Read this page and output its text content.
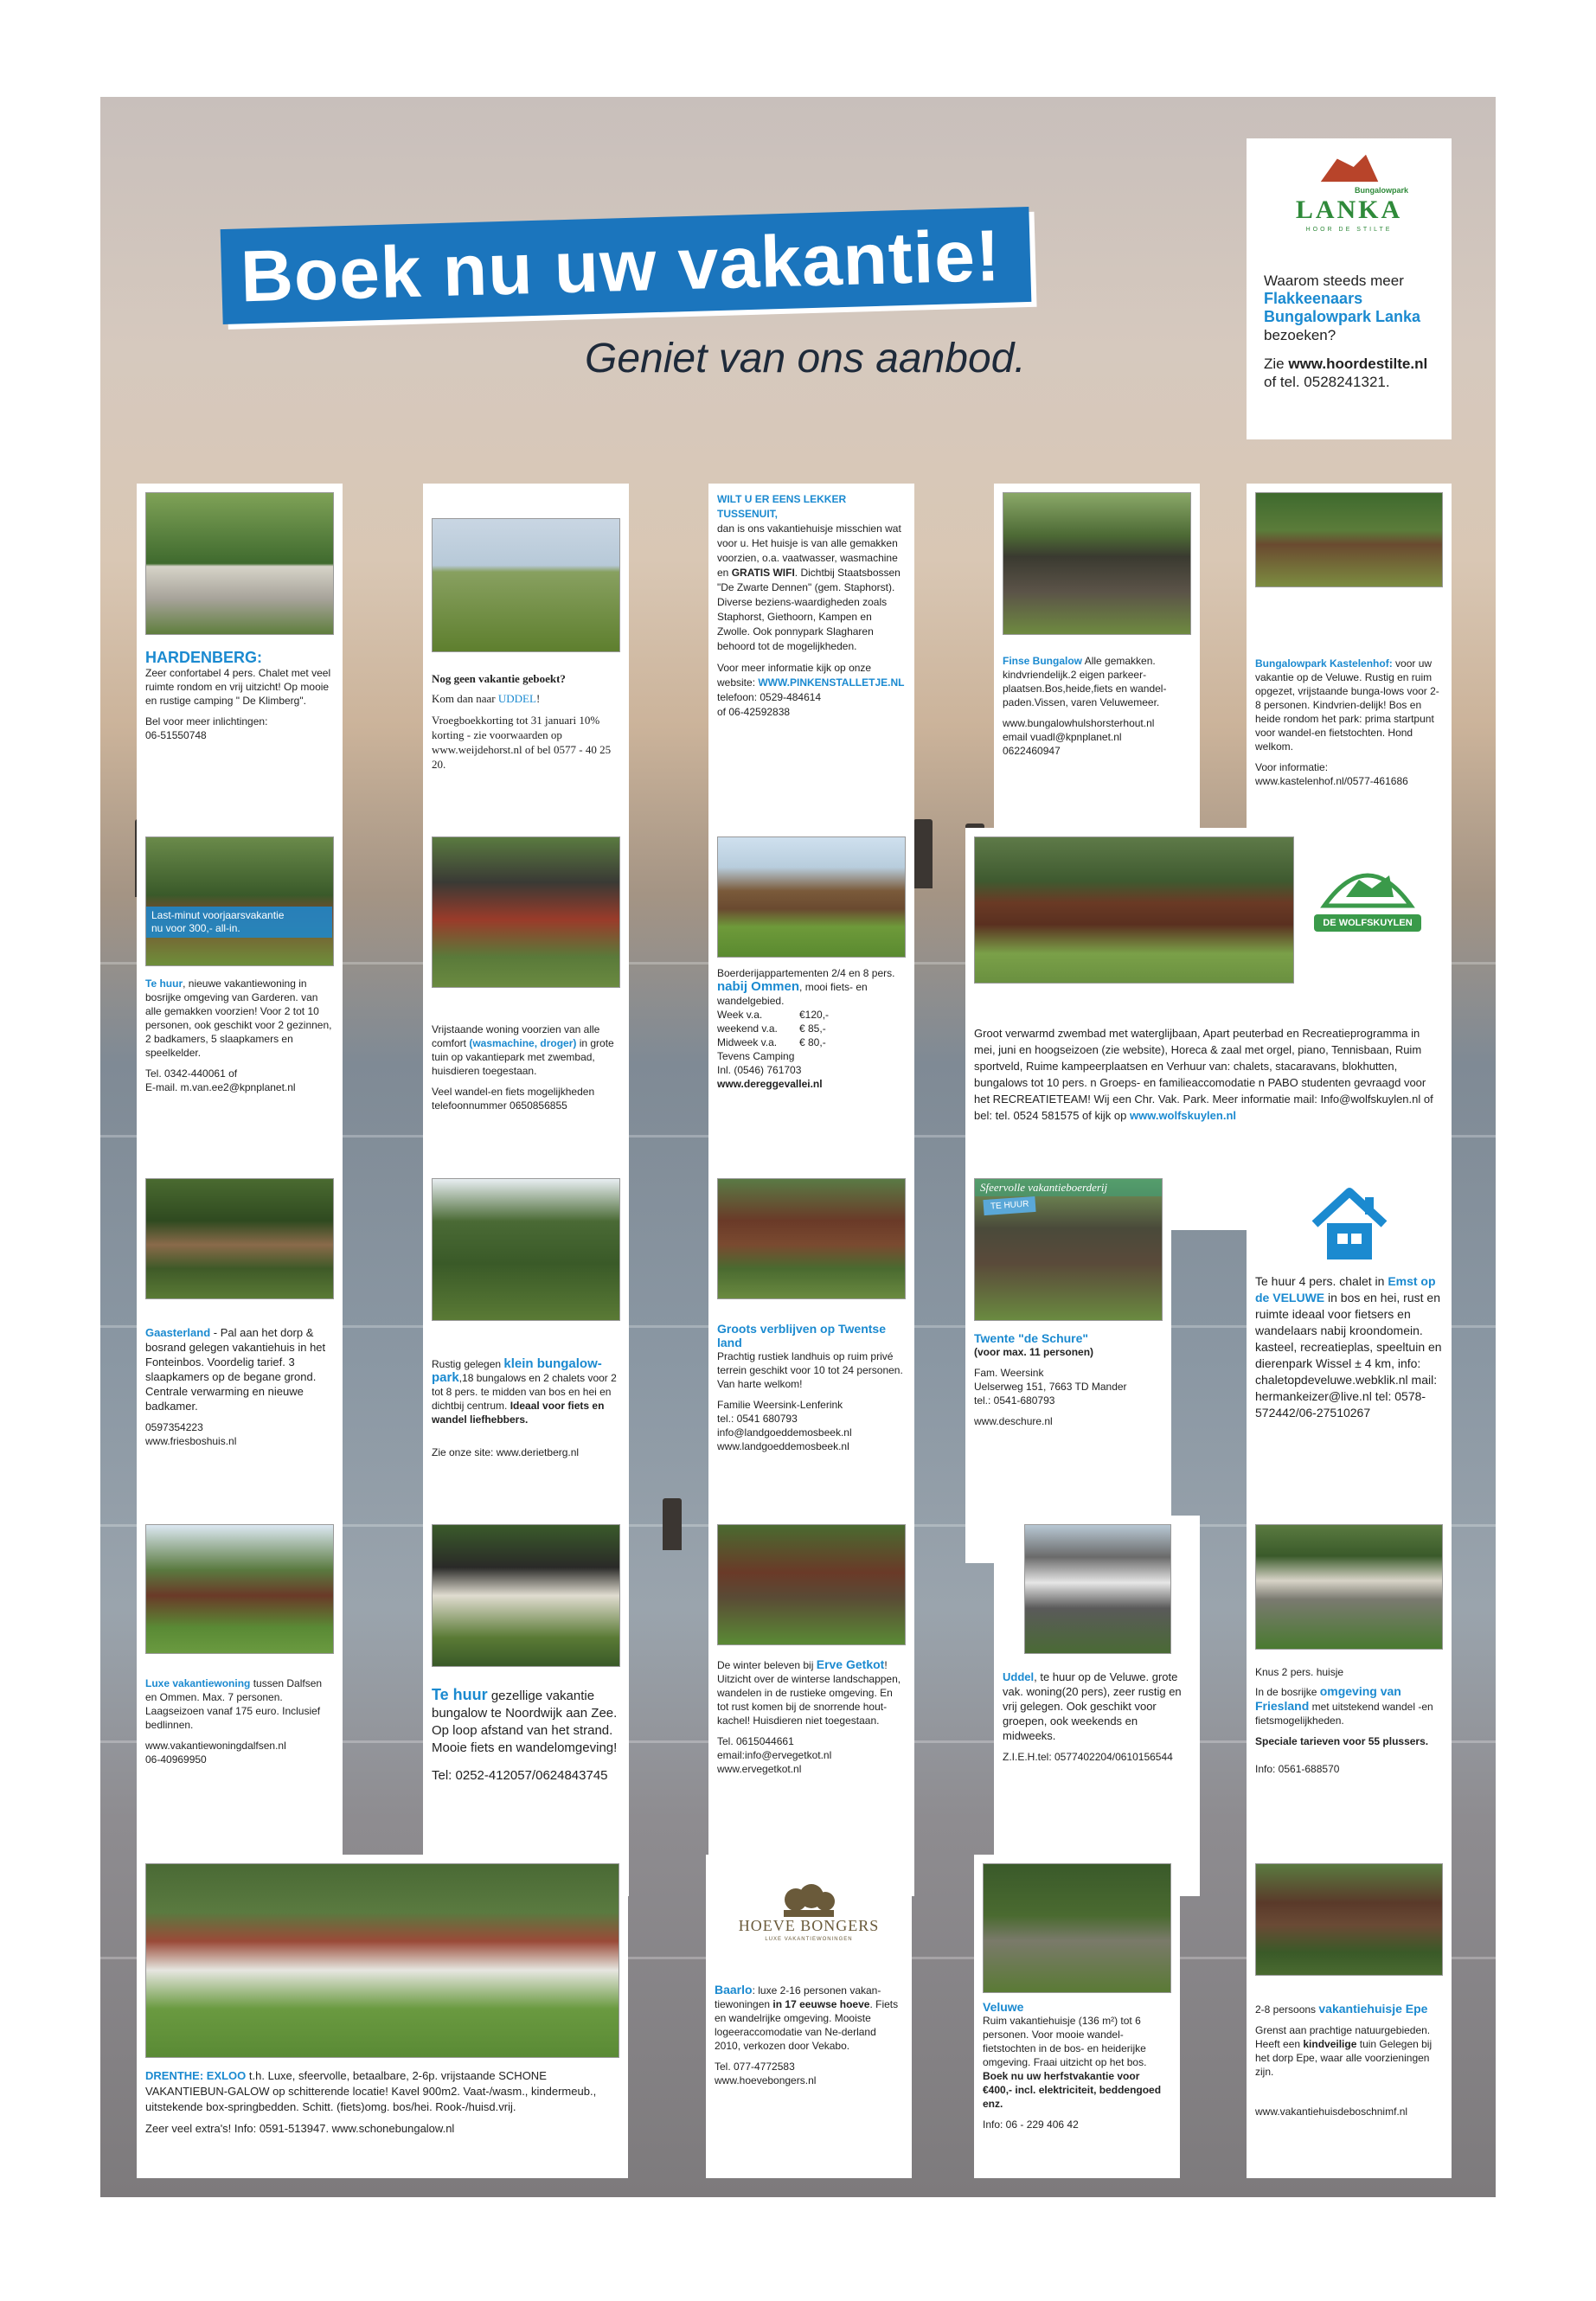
Boek nu uw vakantie!
Geniet van ons aanbod.
Bungalowpark
LANKA
HOOR DE STILTE
Waarom steeds meer
Flakkeenaars
Bungalowpark Lanka
bezoeken?
Zie www.hoordestilte.nl
of tel. 0528241321.
HARDENBERG:

Zeer confortabel 4 pers. Chalet met veel ruimte rondom en vrij uitzicht! Op mooie en rustige camping " De Klimberg".

Bel voor meer inlichtingen:

06-51550748

Nog geen vakantie geboekt?

Kom dan naar UDDEL!

Vroegboekkorting tot 31 januari 10% korting - zie voorwaarden op www.weijdehorst.nl of bel 0577 - 40 25 20.

WILT U ER EENS LEKKER TUSSENUIT,

dan is ons vakantiehuisje misschien wat voor u. Het huisje is van alle gemakken voorzien, o.a. vaatwasser, wasmachine en GRATIS WIFI. Dichtbij Staatsbossen "De Zwarte Dennen" (gem. Staphorst). Diverse beziens-waardigheden zoals Staphorst, Giethoorn, Kampen en Zwolle. Ook ponnypark Slagharen behoord tot de mogelijkheden.

Voor meer informatie kijk op onze website: WWW.PINKENSTALLETJE.NL

telefoon: 0529-484614
of 06-42592838

Finse Bungalow Alle gemakken. kindvriendelijk.2 eigen parkeer-plaatsen.Bos,heide,fiets en wandel-paden.Vissen, varen Veluwemeer.

www.bungalowhulshorsterhout.nl
email vuadl@kpnplanet.nl
0622460947

Bungalowpark Kastelenhof: voor uw vakantie op de Veluwe. Rustig en ruim opgezet, vrijstaande bunga-lows voor 2-8 personen. Kindvrien-delijk! Bos en heide rondom het park: prima startpunt voor wandel-en fietstochten. Hond welkom.

Voor informatie:
www.kastelenhof.nl/0577-461686
Last-minut voorjaarsvakantie
nu voor 300,- all-in.

Te huur, nieuwe vakantiewoning in bosrijke omgeving van Garderen. van alle gemakken voorzien! Voor 2 tot 10 personen, ook geschikt voor 2 gezinnen, 2 badkamers, 5 slaapkamers en speelkelder.

Tel. 0342-440061 of
E-mail. m.van.ee2@kpnplanet.nl

Vrijstaande woning voorzien van alle comfort (wasmachine, droger) in grote tuin op vakantiepark met zwembad, huisdieren toegestaan.

Veel wandel-en fiets mogelijkheden
telefoonnummer 0650856855
Boerderijappartementen 2/4 en 8 pers.
nabij Ommen, mooi fiets- en wandelgebied.
Week v.a.	€120,-
weekend v.a.	€ 85,-
Midweek v.a.	€ 80,-
Tevens Camping
Inl. (0546) 761703
www.dereggevallei.nl
DE WOLFSKUYLEN

Groot verwarmd zwembad met waterglijbaan, Apart peuterbad en Recreatieprogramma in mei, juni en hoogseizoen (zie website), Horeca & zaal met orgel, piano, Tennisbaan, Ruim sportveld, Ruime kampeerplaatsen en Verhuur van: chalets, stacaravans, blokhutten, bungalows tot 10 pers. n Groeps- en familieaccomodatie n PABO studenten gevraagd voor het RECREATIETEAM! Wij een Chr. Vak. Park. Meer informatie mail: Info@wolfskuylen.nl of bel: tel. 0524 581575 of kijk op www.wolfskuylen.nl

Gaasterland - Pal aan het dorp & bosrand gelegen vakantiehuis in het Fonteinbos. Voordelig tarief. 3 slaapkamers op de begane grond. Centrale verwarming en nieuwe badkamer.

0597354223
www.friesboshuis.nl

Rustig gelegen klein bungalow-park,18 bungalows en 2 chalets voor 2 tot 8 pers. te midden van bos en hei en dichtbij centrum. Ideaal voor fiets en wandel liefhebbers.

Zie onze site: www.derietberg.nl
Groots verblijven op Twentse land

Prachtig rustiek landhuis op ruim privé terrein geschikt voor 10 tot 24 personen. Van harte welkom!

Familie Weersink-Lenferink
tel.: 0541 680793
info@landgoeddemosbeek.nl
www.landgoeddemosbeek.nl
Sfeervolle vakantieboerderij
TE HUUR
Twente "de Schure"
(voor max. 11 personen)
Fam. Weersink
Uelserweg 151, 7663 TD Mander
tel.: 0541-680793
www.deschure.nl

Te huur 4 pers. chalet in Emst op de VELUWE in bos en hei, rust en ruimte ideaal voor fietsers en wandelaars nabij kroondomein. kasteel, recreatieplas, speeltuin en dierenpark Wissel ± 4 km, info: chaletopdeveluwe.webklik.nl mail: hermankeizer@live.nl tel: 0578-572442/06-27510267

Luxe vakantiewoning tussen Dalfsen en Ommen. Max. 7 personen. Laagseizoen vanaf 175 euro. Inclusief bedlinnen.

www.vakantiewoningdalfsen.nl
06-40969950

Te huur gezellige vakantie bungalow te Noordwijk aan Zee. Op loop afstand van het strand. Mooie fiets en wandelomgeving!

Tel: 0252-412057/0624843745

De winter beleven bij Erve Getkot! Uitzicht over de winterse landschappen, wandelen in de rustieke omgeving. En tot rust komen bij de snorrende hout-kachel! Huisdieren niet toegestaan.

Tel. 0615044661
email:info@ervegetkot.nl
www.ervegetkot.nl

Uddel, te huur op de Veluwe. grote vak. woning(20 pers), zeer rustig en vrij gelegen. Ook geschikt voor groepen, ook weekends en midweeks.

Z.I.E.H.tel: 0577402204/0610156544
Knus 2 pers. huisje

In de bosrijke omgeving van Friesland met uitstekend wandel -en fietsmogelijkheden.

Speciale tarieven voor 55 plussers.

Info: 0561-688570

DRENTHE: EXLOO t.h. Luxe, sfeervolle, betaalbare, 2-6p. vrijstaande SCHONE VAKANTIEBUN-GALOW op schitterende locatie! Kavel 900m2. Vaat-/wasm., kindermeub., uitstekende box-springbedden. Schitt. (fiets)omg. bos/hei. Rook-/huisd.vrij.

Zeer veel extra's! Info: 0591-513947. www.schonebungalow.nl
HOEVE BONGERS
LUXE VAKANTIEWONINGEN

Baarlo: luxe 2-16 personen vakan-tiewoningen in 17 eeuwse hoeve. Fiets en wandelrijke omgeving. Mooiste logeeraccomodatie van Ne-derland 2010, verkozen door Vekabo.

Tel. 077-4772583
www.hoevebongers.nl
Veluwe

Ruim vakantiehuisje (136 m²) tot 6 personen. Voor mooie wandel-fietstochten in de bos- en heiderijke omgeving. Fraai uitzicht op het bos.

Boek nu uw herfstvakantie voor €400,- incl. elektriciteit, beddengoed enz.

Info: 06 - 229 406 42

2-8 persoons vakantiehuisje Epe

Grenst aan prachtige natuurgebieden. Heeft een kindveilige tuin Gelegen bij het dorp Epe, waar alle voorzieningen zijn.

www.vakantiehuisdeboschnimf.nl
